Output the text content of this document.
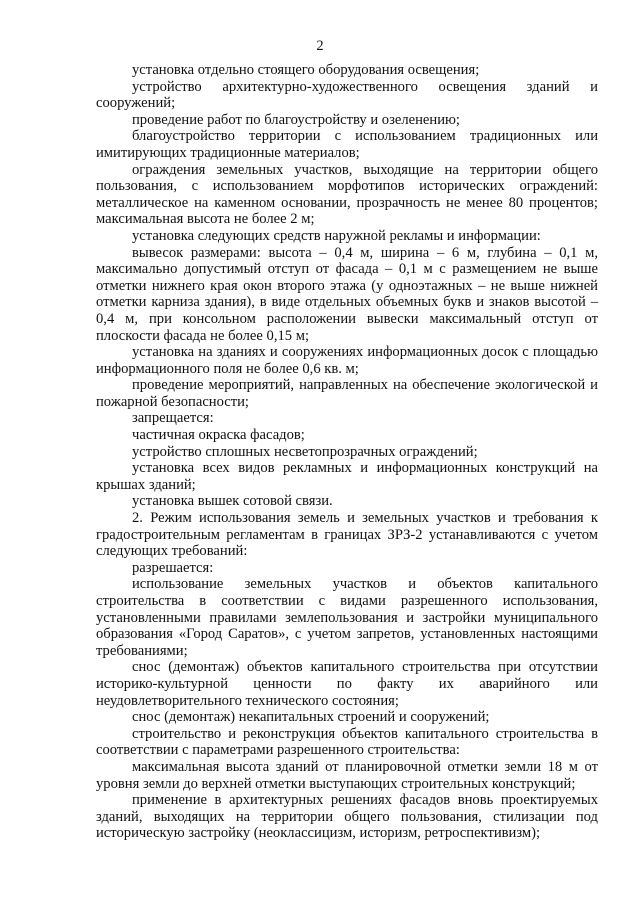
2

установка отдельно стоящего оборудования освещения;

устройство архитектурно-художественного освещения зданий и сооружений;

проведение работ по благоустройству и озеленению;

благоустройство территории с использованием традиционных или имитирующих традиционные материалов;

ограждения земельных участков, выходящие на территории общего пользования, с использованием морфотипов исторических ограждений: металлическое на каменном основании, прозрачность не менее 80 процентов; максимальная высота не более 2 м;

установка следующих средств наружной рекламы и информации:

вывесок размерами: высота – 0,4 м, ширина – 6 м, глубина – 0,1 м, максимально допустимый отступ от фасада – 0,1 м с размещением не выше отметки нижнего края окон второго этажа (у одноэтажных – не выше нижней отметки карниза здания), в виде отдельных объемных букв и знаков высотой – 0,4 м, при консольном расположении вывески максимальный отступ от плоскости фасада не более 0,15 м;

установка на зданиях и сооружениях информационных досок с площадью информационного поля не более 0,6 кв. м;

проведение мероприятий, направленных на обеспечение экологической и пожарной безопасности;

запрещается:

частичная окраска фасадов;

устройство сплошных несветопрозрачных ограждений;

установка всех видов рекламных и информационных конструкций на крышах зданий;

установка вышек сотовой связи.

2. Режим использования земель и земельных участков и требования к градостроительным регламентам в границах ЗРЗ-2 устанавливаются с учетом следующих требований:

разрешается:

использование земельных участков и объектов капитального строительства в соответствии с видами разрешенного использования, установленными правилами землепользования и застройки муниципального образования «Город Саратов», с учетом запретов, установленных настоящими требованиями;

снос (демонтаж) объектов капитального строительства при отсутствии историко-культурной ценности по факту их аварийного или неудовлетворительного технического состояния;

снос (демонтаж) некапитальных строений и сооружений;

строительство и реконструкция объектов капитального строительства в соответствии с параметрами разрешенного строительства:

максимальная высота зданий от планировочной отметки земли 18 м от уровня земли до верхней отметки выступающих строительных конструкций;

применение в архитектурных решениях фасадов вновь проектируемых зданий, выходящих на территории общего пользования, стилизации под историческую застройку (неоклассицизм, историзм, ретроспективизм);
